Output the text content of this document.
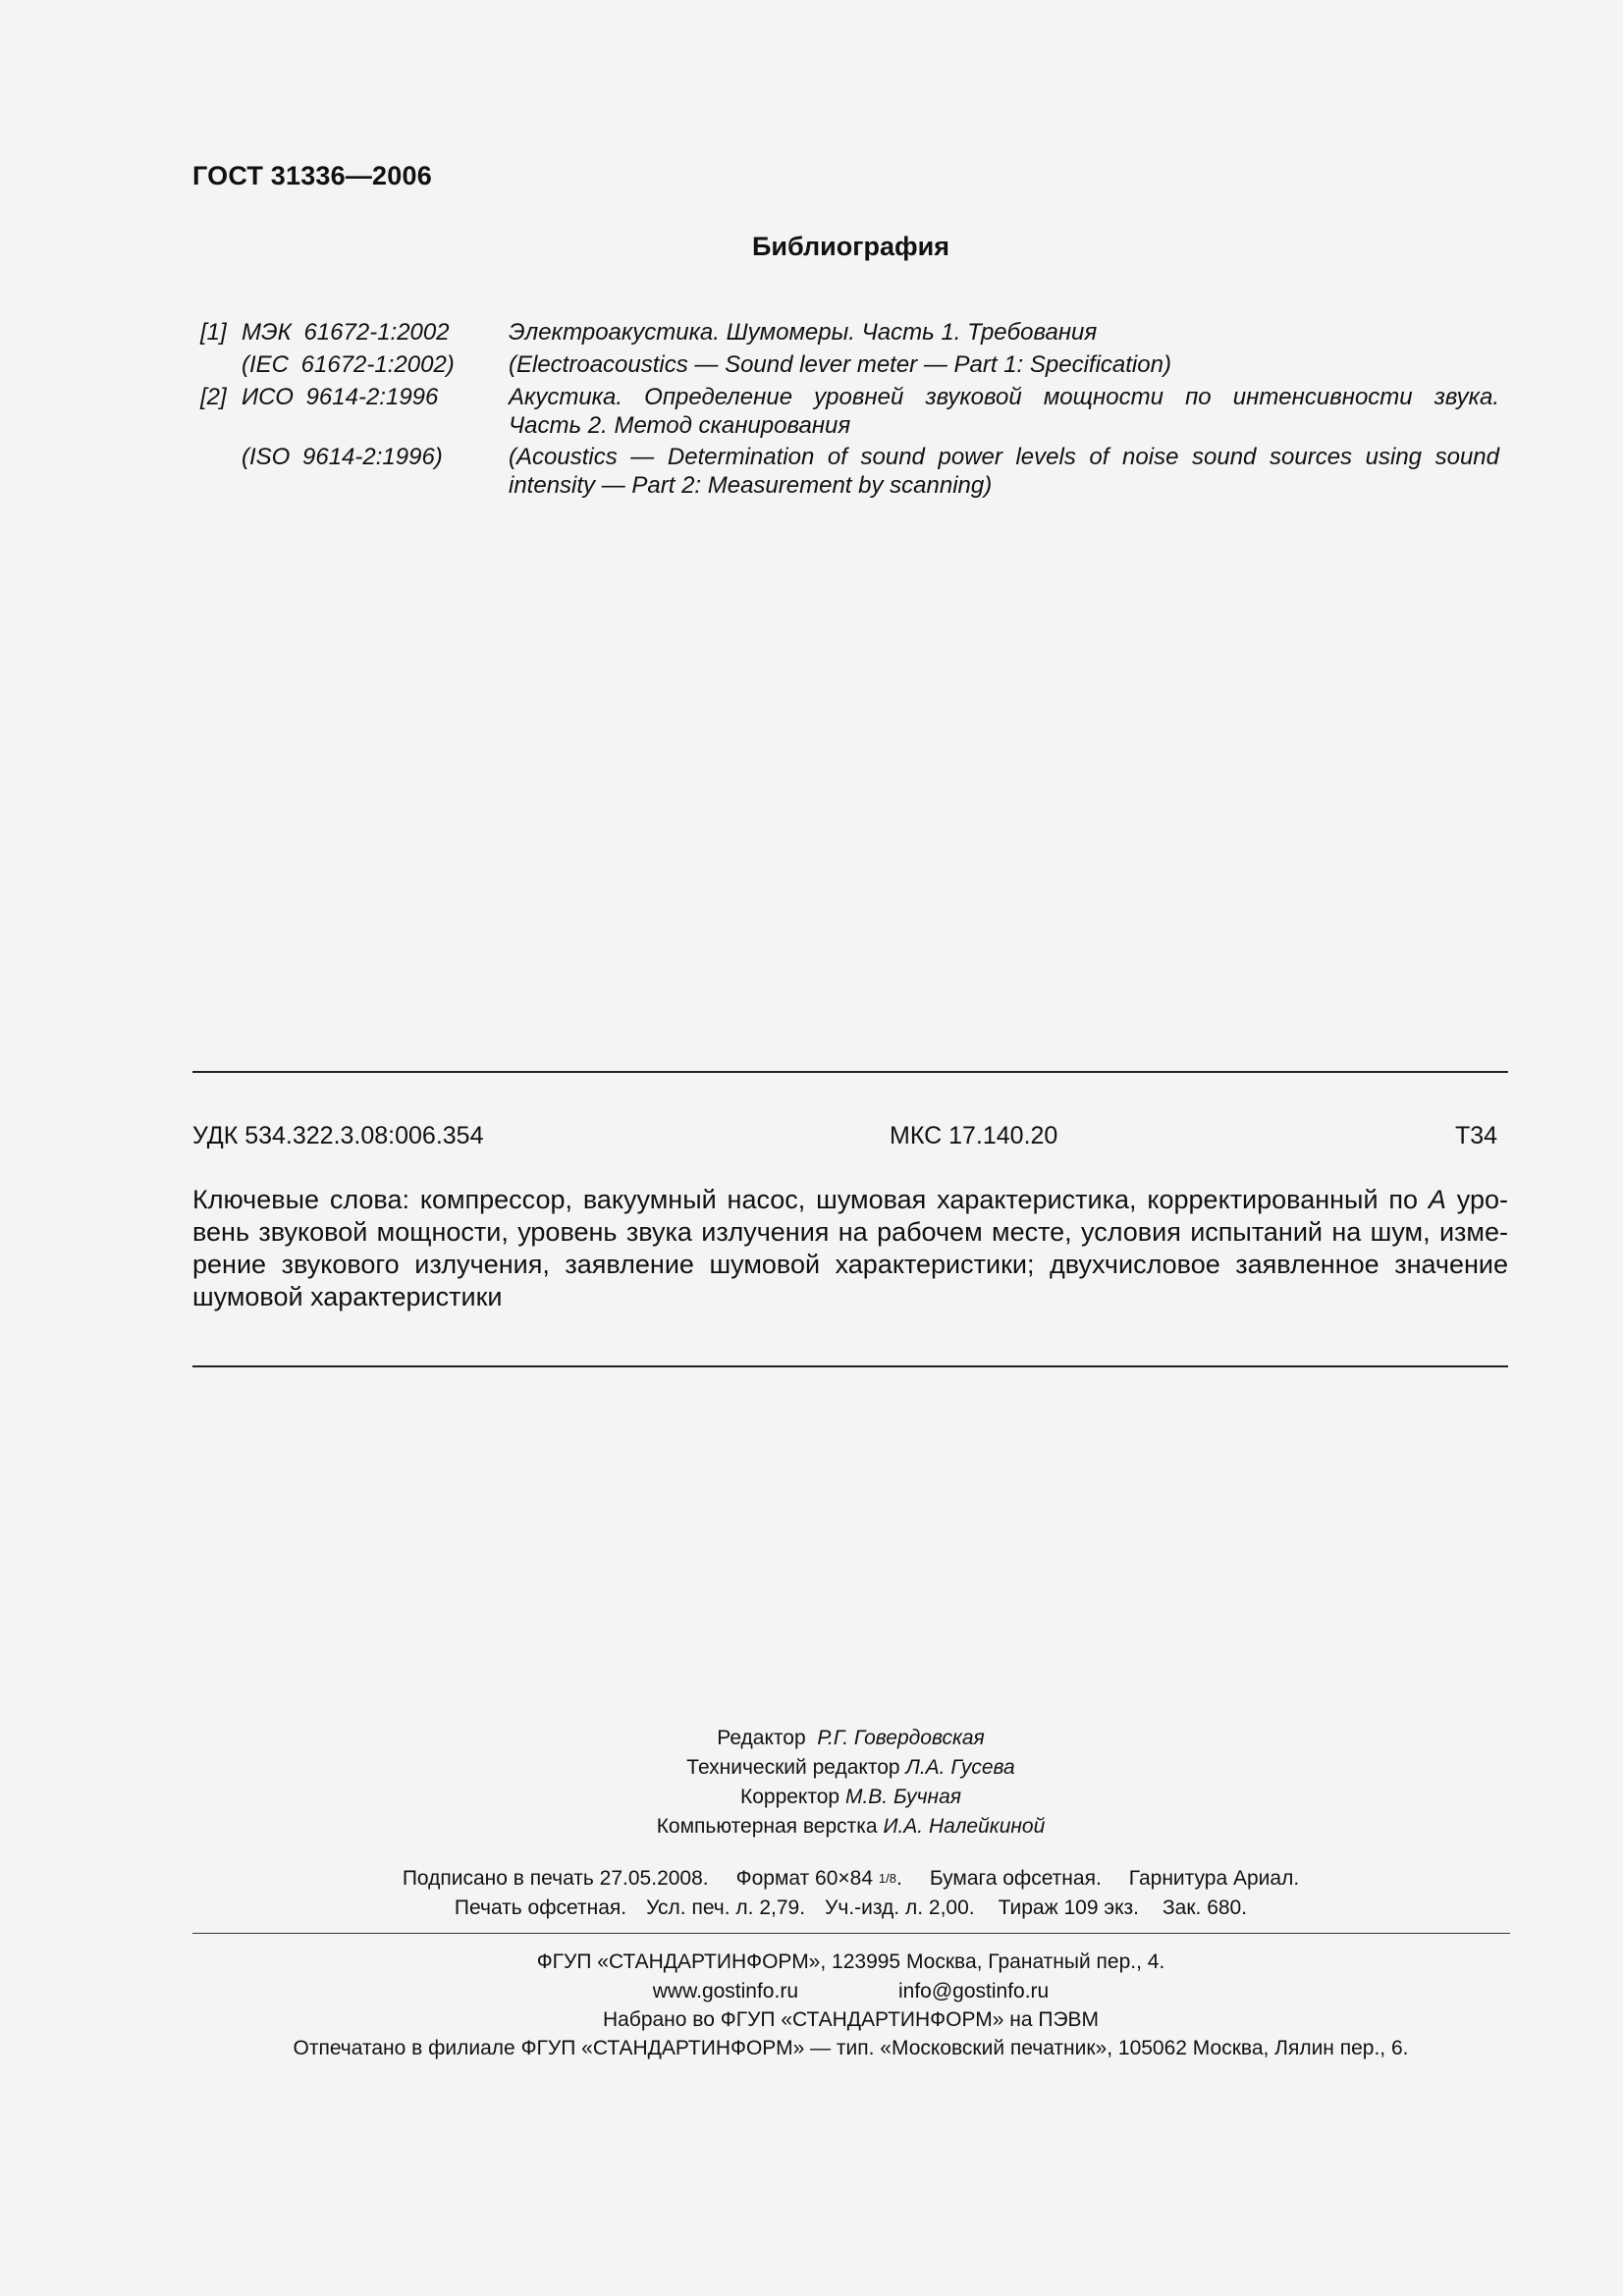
ГОСТ 31336—2006
Библиография
[1] МЭК 61672-1:2002	Электроакустика. Шумомеры. Часть 1. Требования
(IEC 61672-1:2002) (Electroacoustics — Sound lever meter — Part 1: Specification)
[2] ИСО 9614-2:1996	Акустика. Определение уровней звуковой мощности по интенсивности звука.
Часть 2. Метод сканирования
(ISO 9614-2:1996)	(Acoustics — Determination of sound power levels of noise sound sources using sound
intensity — Part 2: Measurement by scanning)
УДК 534.322.3.08:006.354	МКС 17.140.20	Т34
Ключевые слова: компрессор, вакуумный насос, шумовая характеристика, корректированный по A уро-
вень звуковой мощности, уровень звука излучения на рабочем месте, условия испытаний на шум, изме-
рение звукового излучения, заявление шумовой характеристики; двухчисловое заявленное значение
шумовой характеристики
Редактор Р.Г. Говердовская
Технический редактор Л.А. Гусева
Корректор М.В. Бучная
Компьютерная верстка И.А. Налейкиной
Подписано в печать 27.05.2008. Формат 60×84 1/8. Бумага офсетная. Гарнитура Ариал.
Печать офсетная. Усл. печ. л. 2,79. Уч.-изд. л. 2,00. Тираж 109 экз. Зак. 680.
ФГУП «СТАНДАРТИНФОРМ», 123995 Москва, Гранатный пер., 4.
www.gostinfo.ru	info@gostinfo.ru
Набрано во ФГУП «СТАНДАРТИНФОРМ» на ПЭВМ
Отпечатано в филиале ФГУП «СТАНДАРТИНФОРМ» — тип. «Московский печатник», 105062 Москва, Лялин пер., 6.
